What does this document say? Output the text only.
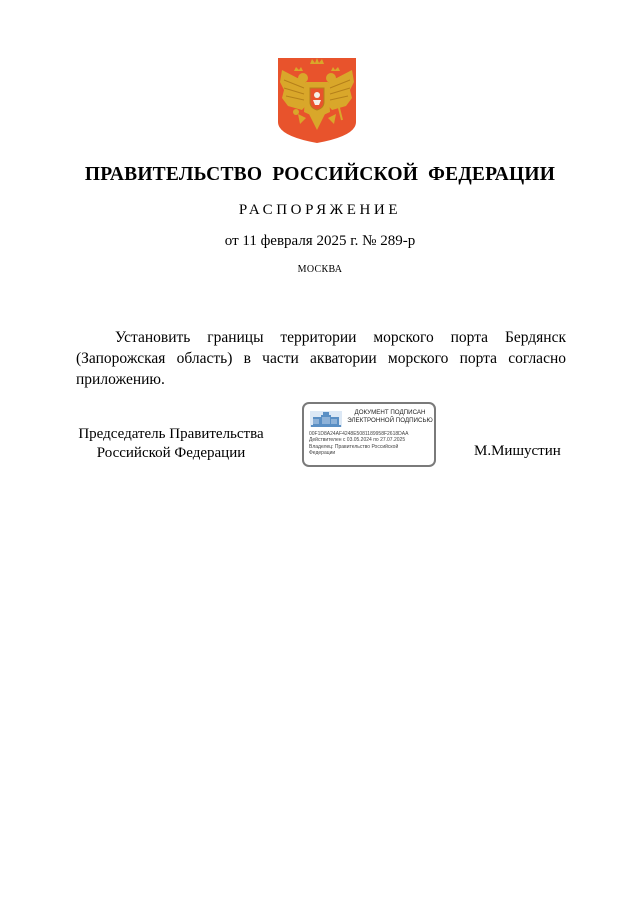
ПРАВИТЕЛЬСТВО РОССИЙСКОЙ ФЕДЕРАЦИИ
РАСПОРЯЖЕНИЕ
от 11 февраля 2025 г. № 289-р
МОСКВА

Установить границы территории морского порта Бердянск (Запорожская область) в части акватории морского порта согласно приложению.

Председатель Правительства
Российской Федерации
ДОКУМЕНТ ПОДПИСАН
ЭЛЕКТРОННОЙ ПОДПИСЬЮ
00F1D8A24AF4248E5081189958F2618DAA
Действителен с 03.05.2024 по 27.07.2025
Владелец: Правительство Российской
Федерации	М.Мишустин
